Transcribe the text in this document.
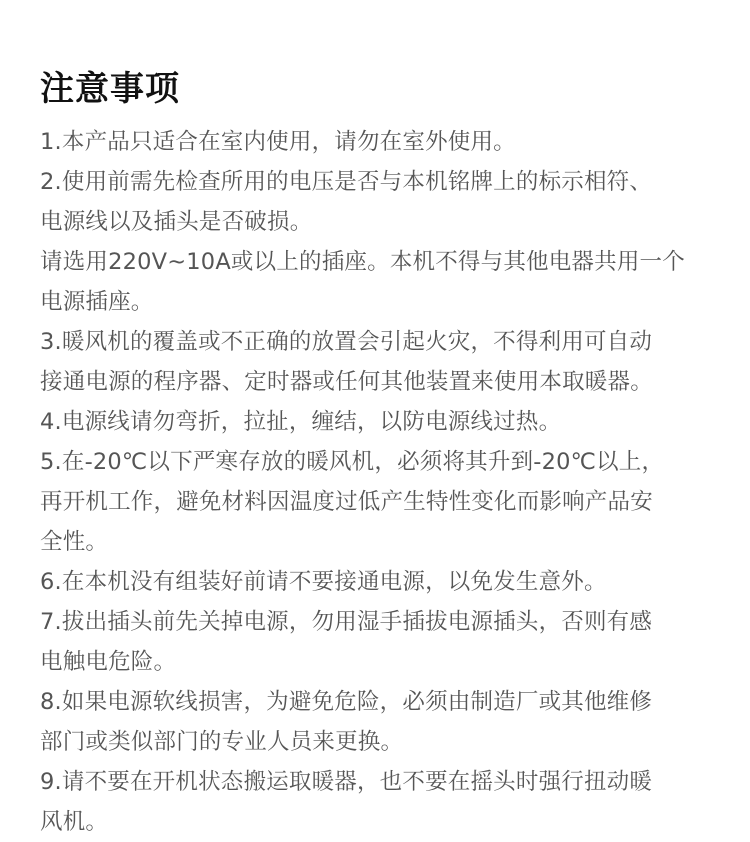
注意事项
1.本产品只适合在室内使用，请勿在室外使用。
2.使用前需先检查所用的电压是否与本机铭牌上的标示相符、
电源线以及插头是否破损。
请选用220V~10A或以上的插座。本机不得与其他电器共用一个
电源插座。
3.暖风机的覆盖或不正确的放置会引起火灾，不得利用可自动
接通电源的程序器、定时器或任何其他装置来使用本取暖器。
4.电源线请勿弯折，拉扯，缠结，以防电源线过热。
5.在-20℃以下严寒存放的暖风机，必须将其升到-20℃以上，
再开机工作，避免材料因温度过低产生特性变化而影响产品安
全性。
6.在本机没有组装好前请不要接通电源，以免发生意外。
7.拔出插头前先关掉电源，勿用湿手插拔电源插头，否则有感
电触电危险。
8.如果电源软线损害，为避免危险，必须由制造厂或其他维修
部门或类似部门的专业人员来更换。
9.请不要在开机状态搬运取暖器，也不要在摇头时强行扭动暖
风机。
